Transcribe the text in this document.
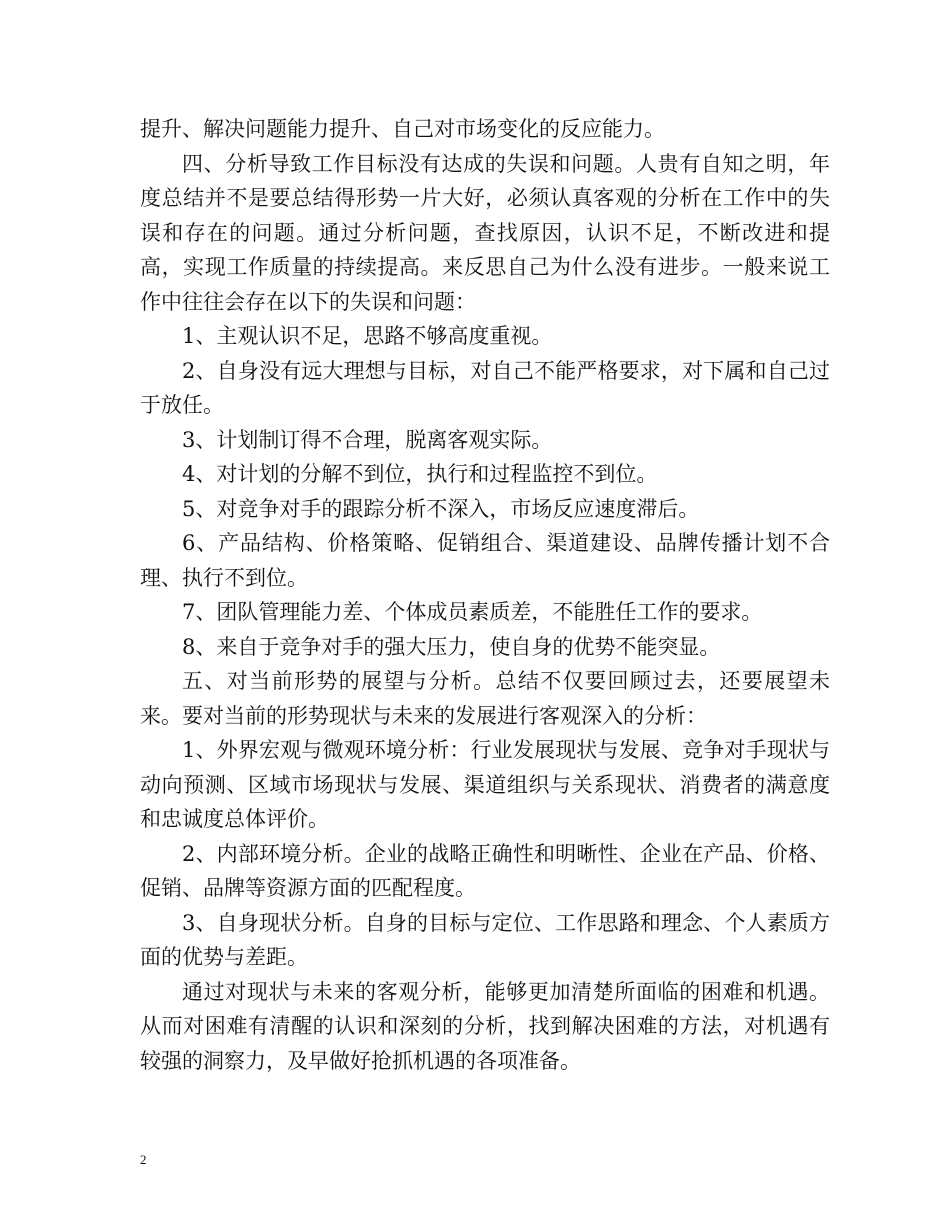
提升、解决问题能力提升、自己对市场变化的反应能力。

四、分析导致工作目标没有达成的失误和问题。人贵有自知之明，年度总结并不是要总结得形势一片大好，必须认真客观的分析在工作中的失误和存在的问题。通过分析问题，查找原因，认识不足，不断改进和提高，实现工作质量的持续提高。来反思自己为什么没有进步。一般来说工作中往往会存在以下的失误和问题：

1、主观认识不足，思路不够高度重视。

2、自身没有远大理想与目标，对自己不能严格要求，对下属和自己过于放任。

3、计划制订得不合理，脱离客观实际。

4、对计划的分解不到位，执行和过程监控不到位。

5、对竞争对手的跟踪分析不深入，市场反应速度滞后。

6、产品结构、价格策略、促销组合、渠道建设、品牌传播计划不合理、执行不到位。

7、团队管理能力差、个体成员素质差，不能胜任工作的要求。

8、来自于竞争对手的强大压力，使自身的优势不能突显。

五、对当前形势的展望与分析。总结不仅要回顾过去，还要展望未来。要对当前的形势现状与未来的发展进行客观深入的分析：

1、外界宏观与微观环境分析：行业发展现状与发展、竞争对手现状与动向预测、区域市场现状与发展、渠道组织与关系现状、消费者的满意度和忠诚度总体评价。

2、内部环境分析。企业的战略正确性和明晰性、企业在产品、价格、促销、品牌等资源方面的匹配程度。

3、自身现状分析。自身的目标与定位、工作思路和理念、个人素质方面的优势与差距。

通过对现状与未来的客观分析，能够更加清楚所面临的困难和机遇。从而对困难有清醒的认识和深刻的分析，找到解决困难的方法，对机遇有较强的洞察力，及早做好抢抓机遇的各项准备。

2
